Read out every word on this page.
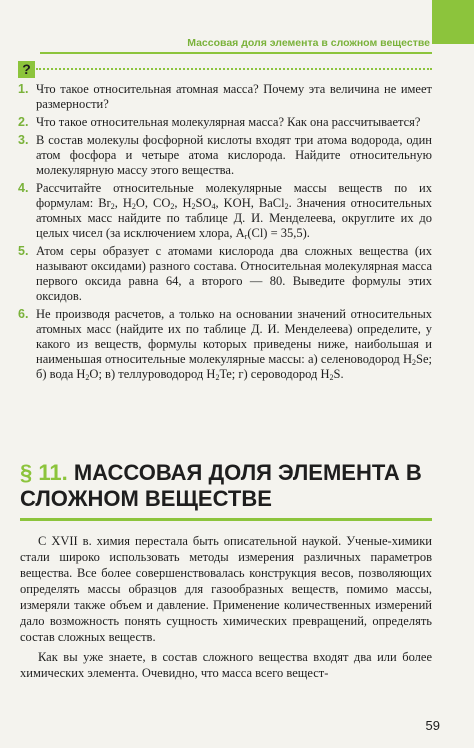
Массовая доля элемента в сложном веществе
?
1. Что такое относительная атомная масса? Почему эта величина не имеет размерности?
2. Что такое относительная молекулярная масса? Как она рассчитывается?
3. В состав молекулы фосфорной кислоты входят три атома водорода, один атом фосфора и четыре атома кислорода. Найдите относительную молекулярную массу этого вещества.
4. Рассчитайте относительные молекулярные массы веществ по их формулам: $Br_2$, $H_2O$, $CO_2$, $H_2SO_4$, KOH, BaCl$_2$. Значения относительных атомных масс найдите по таблице Д. И. Менделеева, округлите их до целых чисел (за исключением хлора, $A_r(Cl) = 35,5$).
5. Атом серы образует с атомами кислорода два сложных вещества (их называют оксидами) разного состава. Относительная молекулярная масса первого оксида равна 64, а второго — 80. Выведите формулы этих оксидов.
6. Не производя расчетов, а только на основании значений относительных атомных масс (найдите их по таблице Д. И. Менделеева) определите, у какого из веществ, формулы которых приведены ниже, наибольшая и наименьшая относительные молекулярные массы: а) селеноводород $H_2Se$; б) вода $H_2O$; в) теллуроводород $H_2Te$; г) сероводород $H_2S$.
§ 11. МАССОВАЯ ДОЛЯ ЭЛЕМЕНТА В СЛОЖНОМ ВЕЩЕСТВЕ

С XVII в. химия перестала быть описательной наукой. Ученые-химики стали широко использовать методы измерения различных параметров вещества. Все более совершенствовалась конструкция весов, позволяющих определять массы образцов для газообразных веществ, помимо массы, измеряли также объем и давление. Применение количественных измерений дало возможность понять сущность химических превращений, определять состав сложных веществ.

Как вы уже знаете, в состав сложного вещества входят два или более химических элемента. Очевидно, что масса всего вещест-

59
